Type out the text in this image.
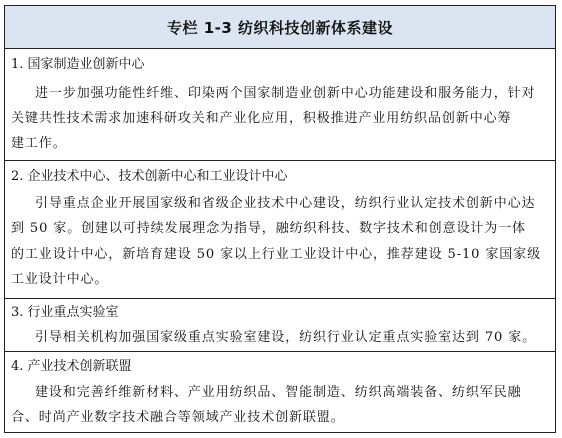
专栏 1-3 纺织科技创新体系建设
1. 国家制造业创新中心
进一步加强功能性纤维、印染两个国家制造业创新中心功能建设和服务能力，针对
关键共性技术需求加速科研攻关和产业化应用，积极推进产业用纺织品创新中心筹
建工作。
2. 企业技术中心、技术创新中心和工业设计中心
引导重点企业开展国家级和省级企业技术中心建设，纺织行业认定技术创新中心达
到 50 家。创建以可持续发展理念为指导，融纺织科技、数字技术和创意设计为一体
的工业设计中心，新培育建设 50 家以上行业工业设计中心，推荐建设 5-10 家国家级
工业设计中心。
3. 行业重点实验室
引导相关机构加强国家级重点实验室建设，纺织行业认定重点实验室达到 70 家。
4. 产业技术创新联盟
建设和完善纤维新材料、产业用纺织品、智能制造、纺织高端装备、纺织军民融
合、时尚产业数字技术融合等领域产业技术创新联盟。
